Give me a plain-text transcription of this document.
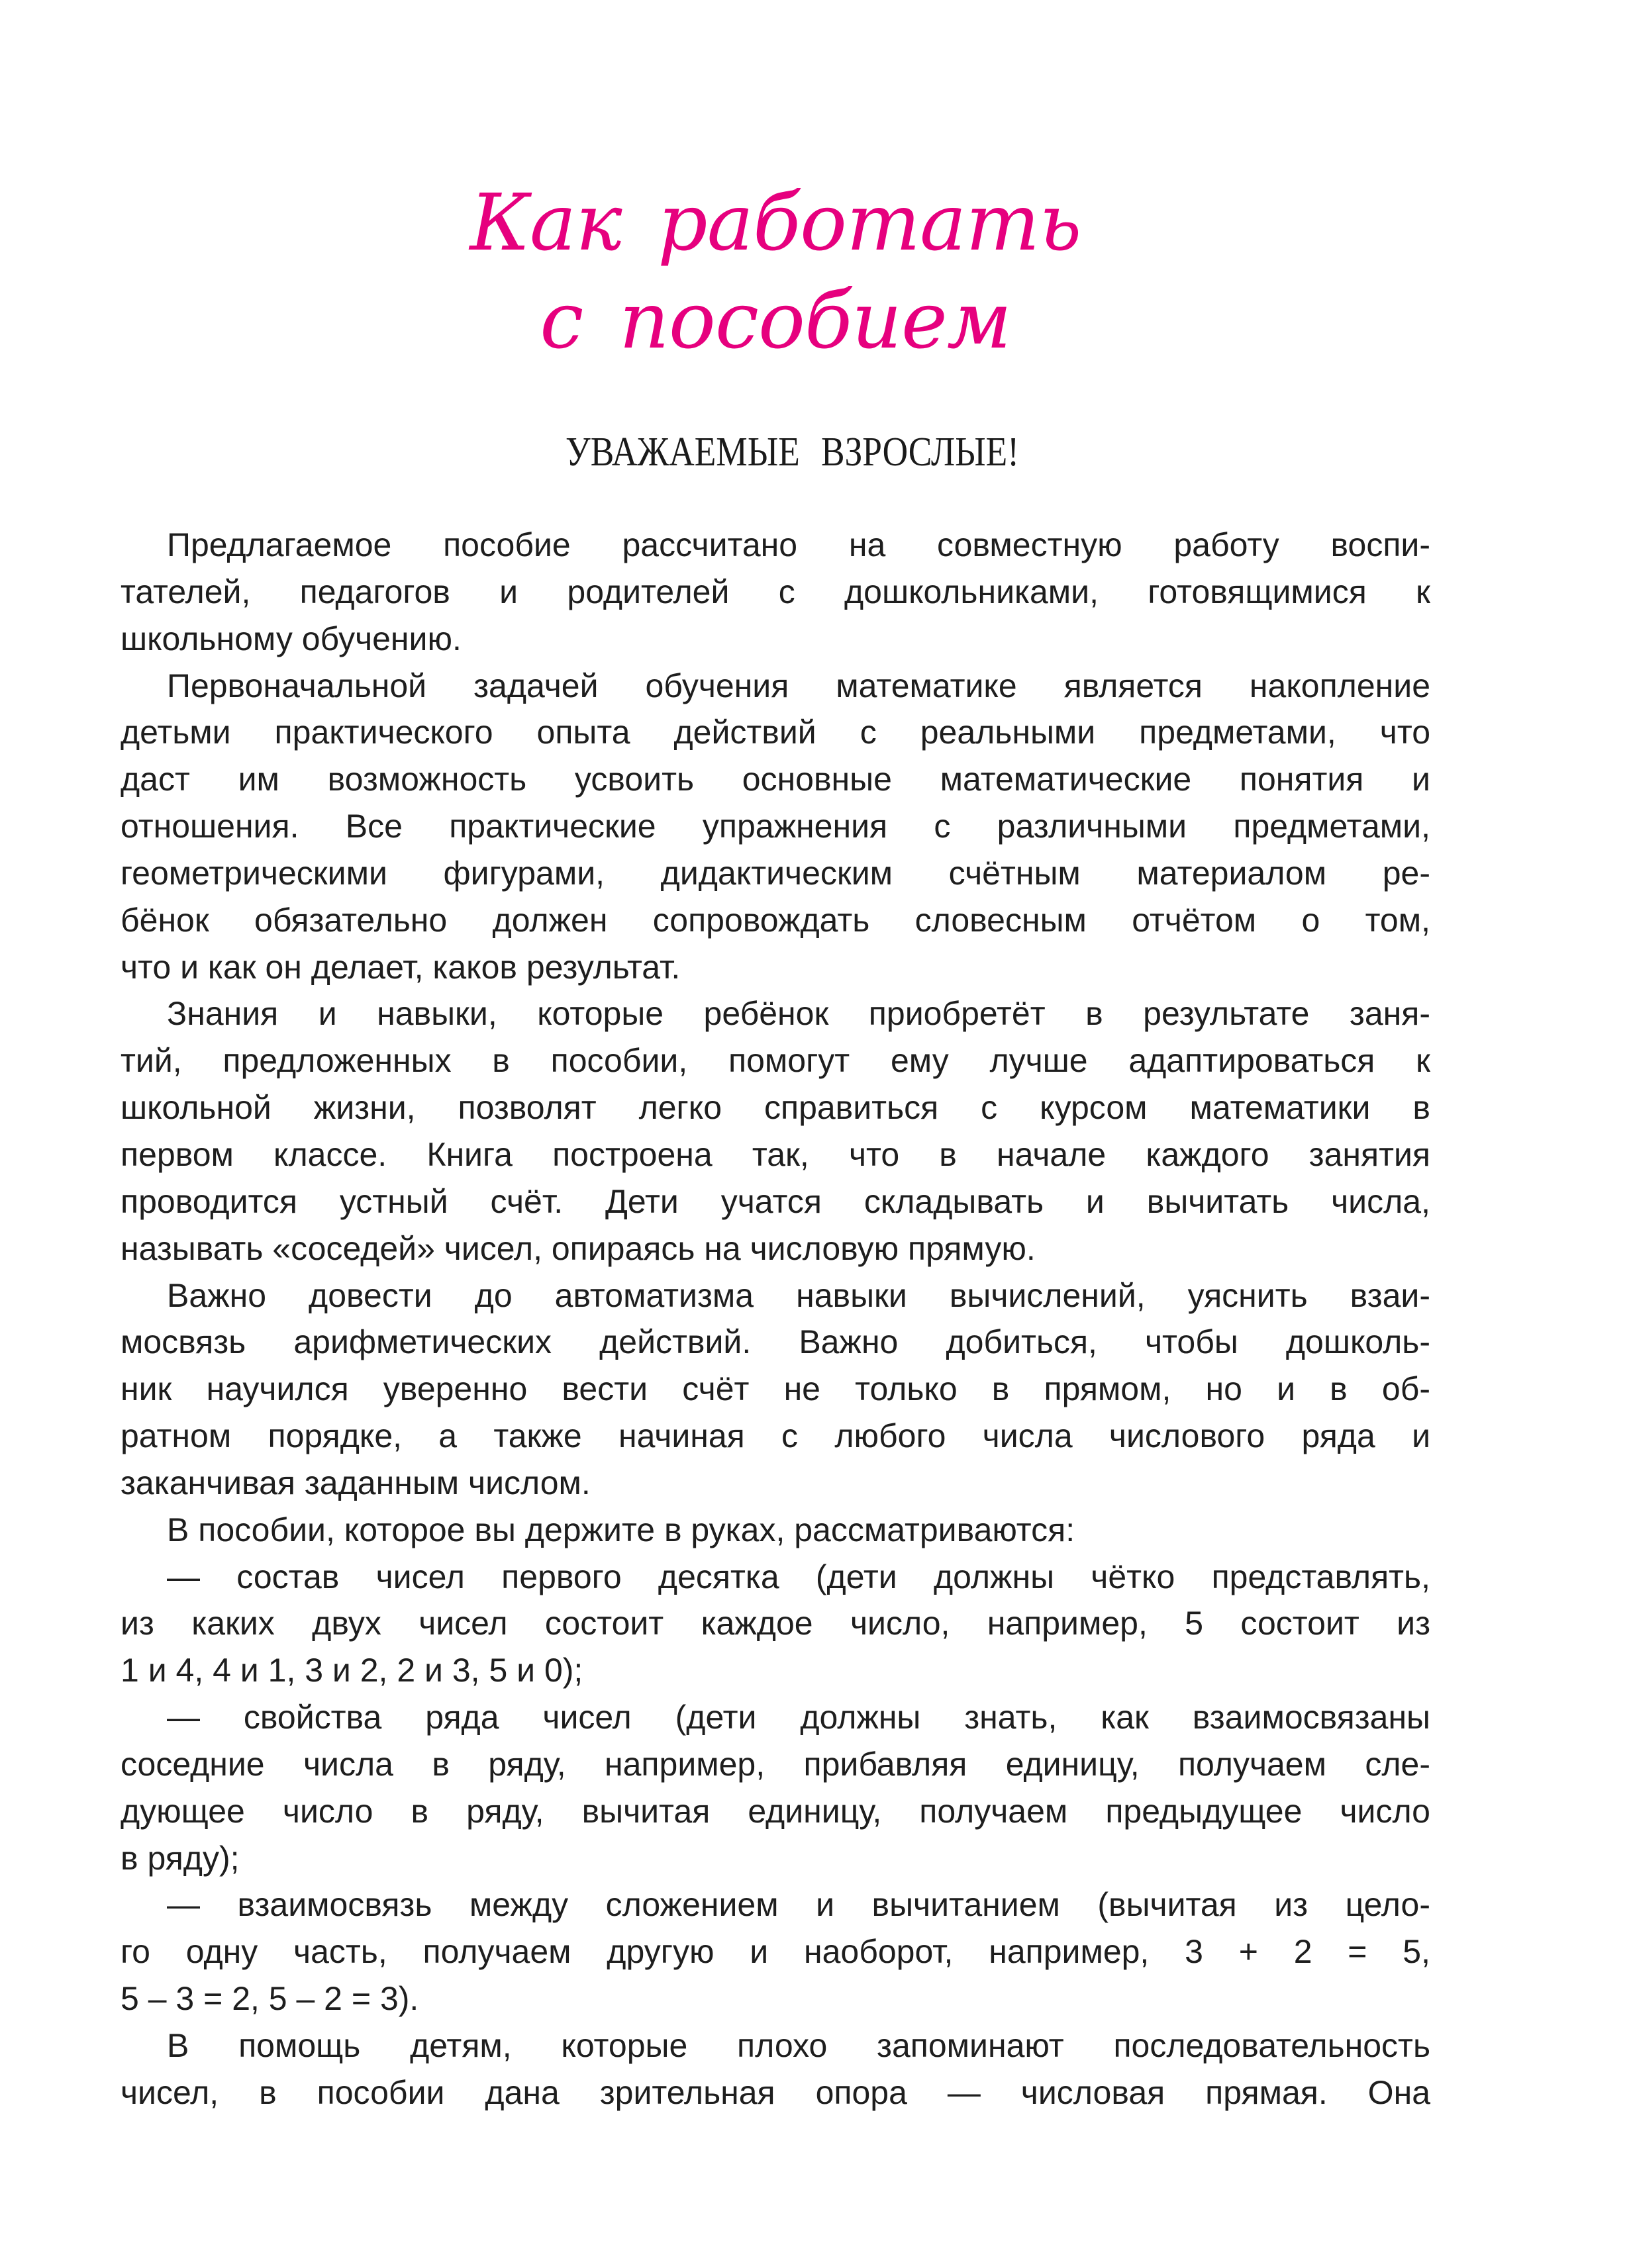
Как работать
с пособием
УВАЖАЕМЫЕ ВЗРОСЛЫЕ!
Предлагаемое пособие рассчитано на совместную работу воспи-
тателей, педагогов и родителей с дошкольниками, готовящимися к
школьному обучению.
Первоначальной задачей обучения математике является накопление
детьми практического опыта действий с реальными предметами, что
даст им возможность усвоить основные математические понятия и
отношения. Все практические упражнения с различными предметами,
геометрическими фигурами, дидактическим счётным материалом ре-
бёнок обязательно должен сопровождать словесным отчётом о том,
что и как он делает, каков результат.
Знания и навыки, которые ребёнок приобретёт в результате заня-
тий, предложенных в пособии, помогут ему лучше адаптироваться к
школьной жизни, позволят легко справиться с курсом математики в
первом классе. Книга построена так, что в начале каждого занятия
проводится устный счёт. Дети учатся складывать и вычитать числа,
называть «соседей» чисел, опираясь на числовую прямую.
Важно довести до автоматизма навыки вычислений, уяснить взаи-
мосвязь арифметических действий. Важно добиться, чтобы дошколь-
ник научился уверенно вести счёт не только в прямом, но и в об-
ратном порядке, а также начиная с любого числа числового ряда и
заканчивая заданным числом.
В пособии, которое вы держите в руках, рассматриваются:
— состав чисел первого десятка (дети должны чётко представлять,
из каких двух чисел состоит каждое число, например, 5 состоит из
1 и 4, 4 и 1, 3 и 2, 2 и 3, 5 и 0);
— свойства ряда чисел (дети должны знать, как взаимосвязаны
соседние числа в ряду, например, прибавляя единицу, получаем сле-
дующее число в ряду, вычитая единицу, получаем предыдущее число
в ряду);
— взаимосвязь между сложением и вычитанием (вычитая из цело-
го одну часть, получаем другую и наоборот, например, 3 + 2 = 5,
5 – 3 = 2, 5 – 2 = 3).
В помощь детям, которые плохо запоминают последовательность
чисел, в пособии дана зрительная опора — числовая прямая. Она
